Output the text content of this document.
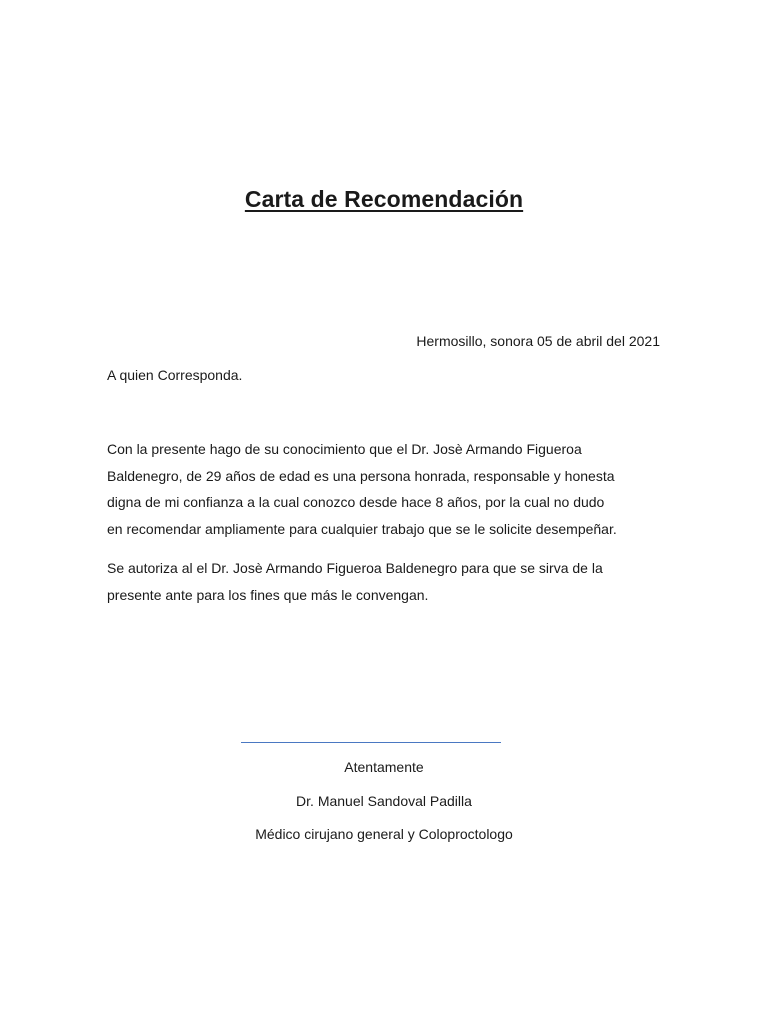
Carta de Recomendación
Hermosillo, sonora 05 de abril del 2021
A quien Corresponda.

Con la presente hago de su conocimiento que el Dr. Josè Armando Figueroa
Baldenegro, de 29 años de edad es una persona honrada, responsable y honesta
digna de mi confianza a la cual conozco desde hace 8 años, por la cual no dudo
en recomendar ampliamente para cualquier trabajo que se le solicite desempeñar.

Se autoriza al el Dr. Josè Armando Figueroa Baldenegro para que se sirva de la
presente ante para los fines que más le convengan.

Atentamente
Dr. Manuel Sandoval Padilla
Médico cirujano general y Coloproctologo
